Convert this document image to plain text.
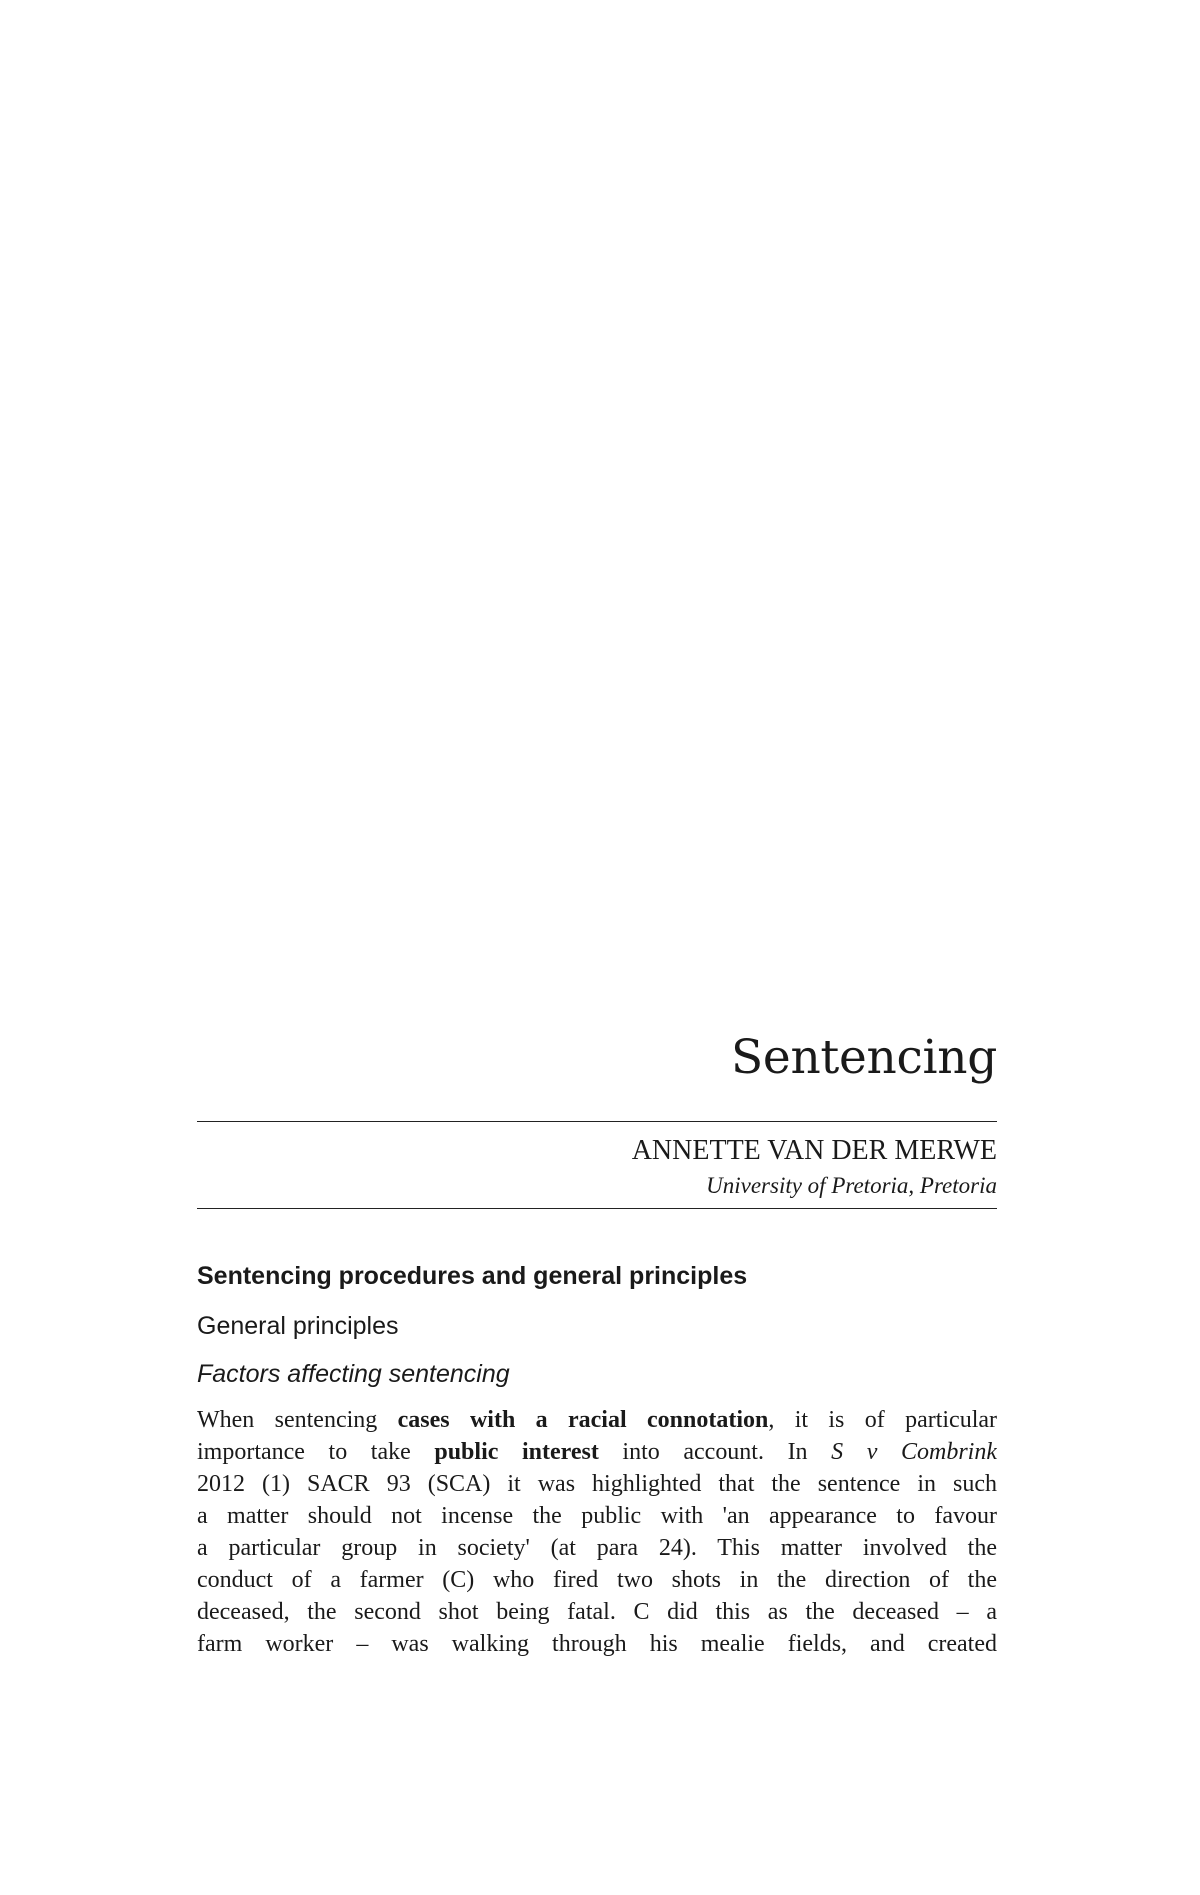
Sentencing
ANNETTE VAN DER MERWE
University of Pretoria, Pretoria
Sentencing procedures and general principles
General principles
Factors affecting sentencing
When sentencing cases with a racial connotation, it is of particular
importance to take public interest into account. In S v Combrink
2012 (1) SACR 93 (SCA) it was highlighted that the sentence in such
a matter should not incense the public with 'an appearance to favour
a particular group in society' (at para 24). This matter involved the
conduct of a farmer (C) who fired two shots in the direction of the
deceased, the second shot being fatal. C did this as the deceased – a
farm worker – was walking through his mealie fields, and created
